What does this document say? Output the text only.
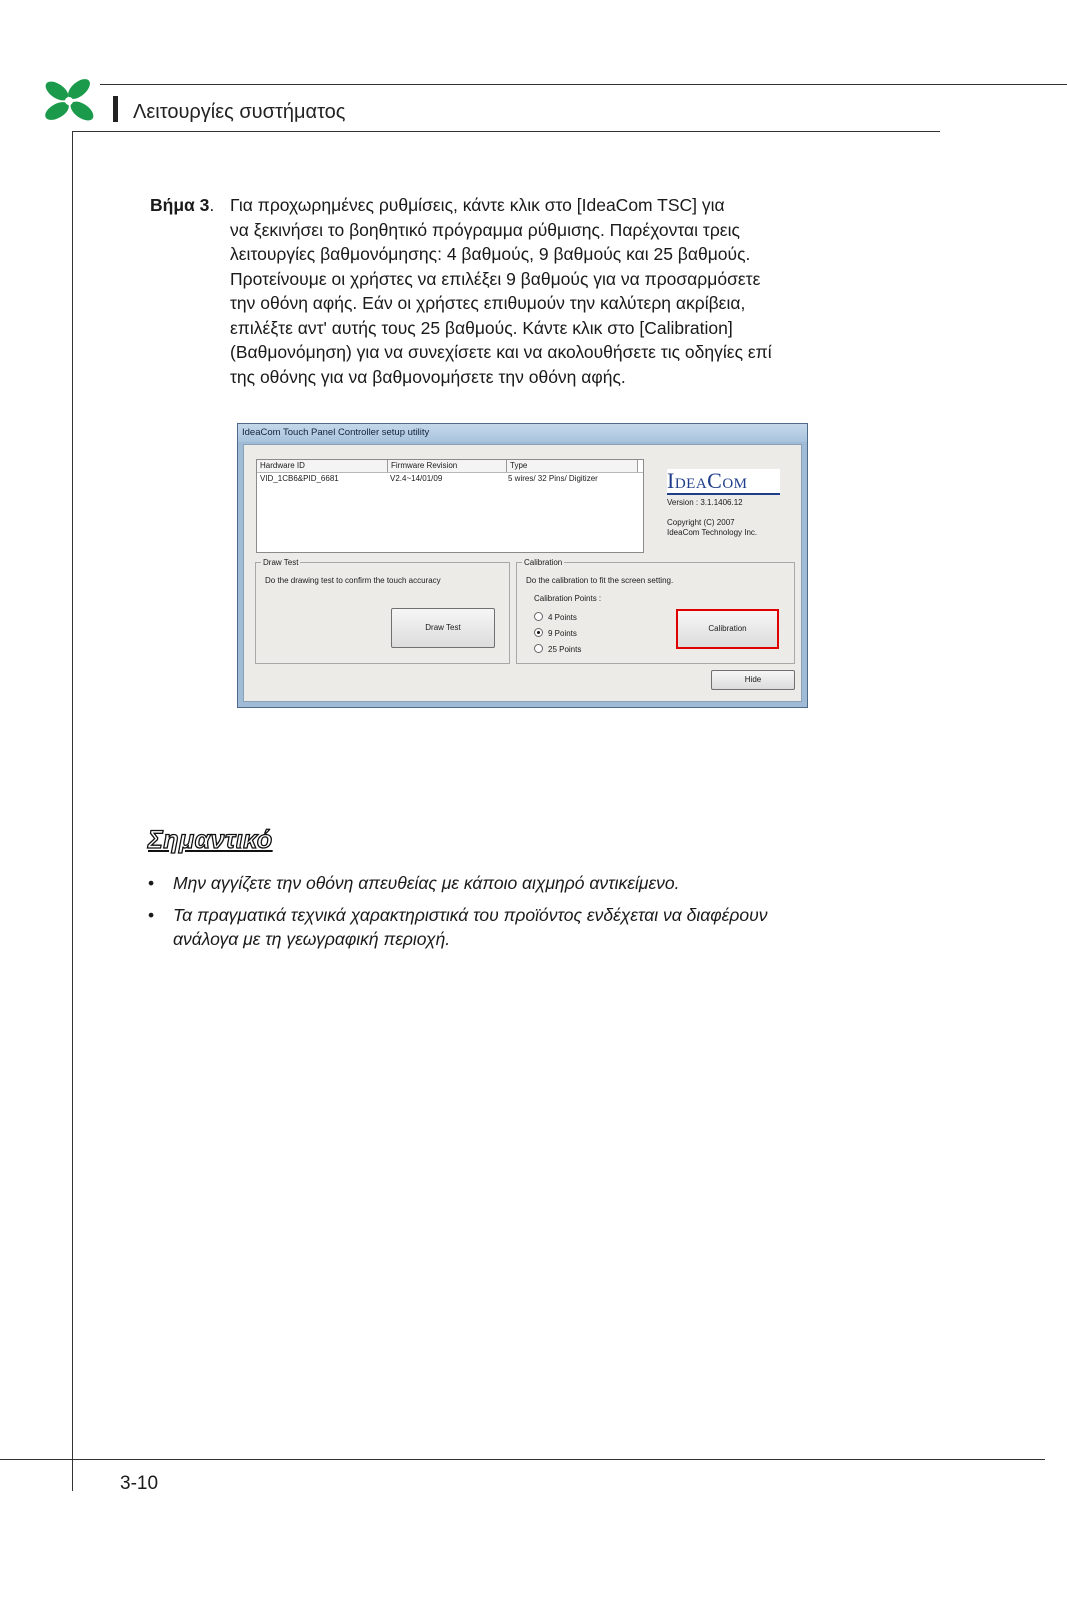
Λειτουργίες συστήματος
Βήμα 3. Για προχωρημένες ρυθμίσεις, κάντε κλικ στο [IdeaCom TSC] για
να ξεκινήσει το βοηθητικό πρόγραμμα ρύθμισης. Παρέχονται τρεις
λειτουργίες βαθμονόμησης: 4 βαθμούς, 9 βαθμούς και 25 βαθμούς.
Προτείνουμε οι χρήστες να επιλέξει 9 βαθμούς για να προσαρμόσετε
την οθόνη αφής. Εάν οι χρήστες επιθυμούν την καλύτερη ακρίβεια,
επιλέξτε αντ' αυτής τους 25 βαθμούς. Κάντε κλικ στο [Calibration]
(Βαθμονόμηση) για να συνεχίσετε και να ακολουθήσετε τις οδηγίες επί
της οθόνης για να βαθμονομήσετε την οθόνη αφής.
IdeaCom Touch Panel Controller setup utility
Hardware ID	Firmware Revision	Type
VID_1CB6&PID_6681	V2.4~14/01/09	5 wires/ 32 Pins/ Digitizer	IDEACOM
Version : 3.1.1406.12
Copyright (C) 2007
IdeaCom Technology Inc.
Draw Test
Do the drawing test to confirm the touch accuracy
Draw Test
Calibration
Do the calibration to fit the screen setting.
Calibration Points :
4 Points
9 Points
25 Points
Calibration
Hide
Σημαντικό
• Μην αγγίζετε την οθόνη απευθείας με κάποιο αιχμηρό αντικείμενο.
• Τα πραγματικά τεχνικά χαρακτηριστικά του προϊόντος ενδέχεται να διαφέρουν
ανάλογα με τη γεωγραφική περιοχή.
3-10
